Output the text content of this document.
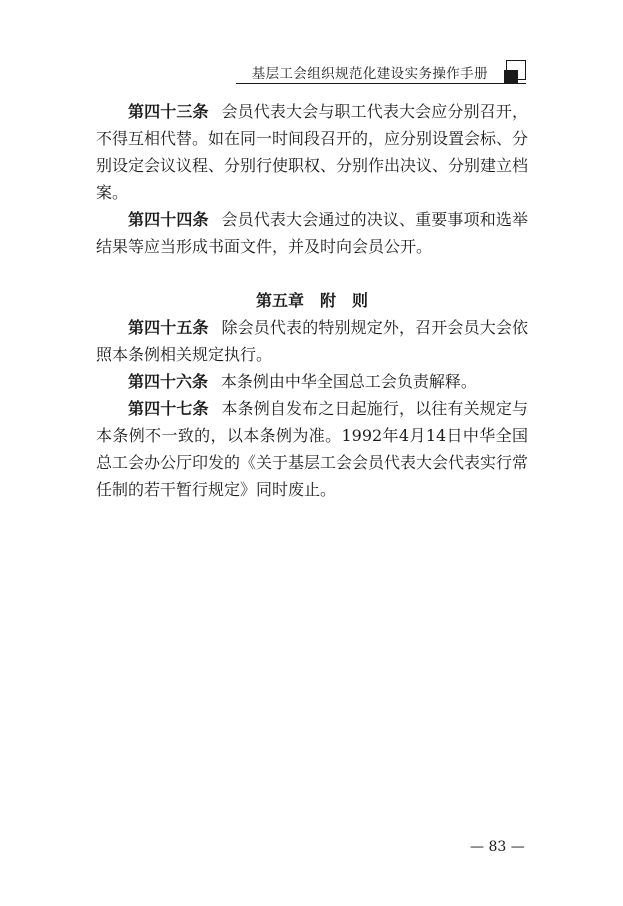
基层工会组织规范化建设实务操作手册

第四十三条 会员代表大会与职工代表大会应分别召开，不得互相代替。如在同一时间段召开的，应分别设置会标、分别设定会议议程、分别行使职权、分别作出决议、分别建立档案。

第四十四条 会员代表大会通过的决议、重要事项和选举结果等应当形成书面文件，并及时向会员公开。

第五章　附　则

第四十五条 除会员代表的特别规定外，召开会员大会依照本条例相关规定执行。

第四十六条 本条例由中华全国总工会负责解释。

第四十七条 本条例自发布之日起施行，以往有关规定与本条例不一致的，以本条例为准。1992年4月14日中华全国总工会办公厅印发的《关于基层工会会员代表大会代表实行常任制的若干暂行规定》同时废止。

— 83 —
